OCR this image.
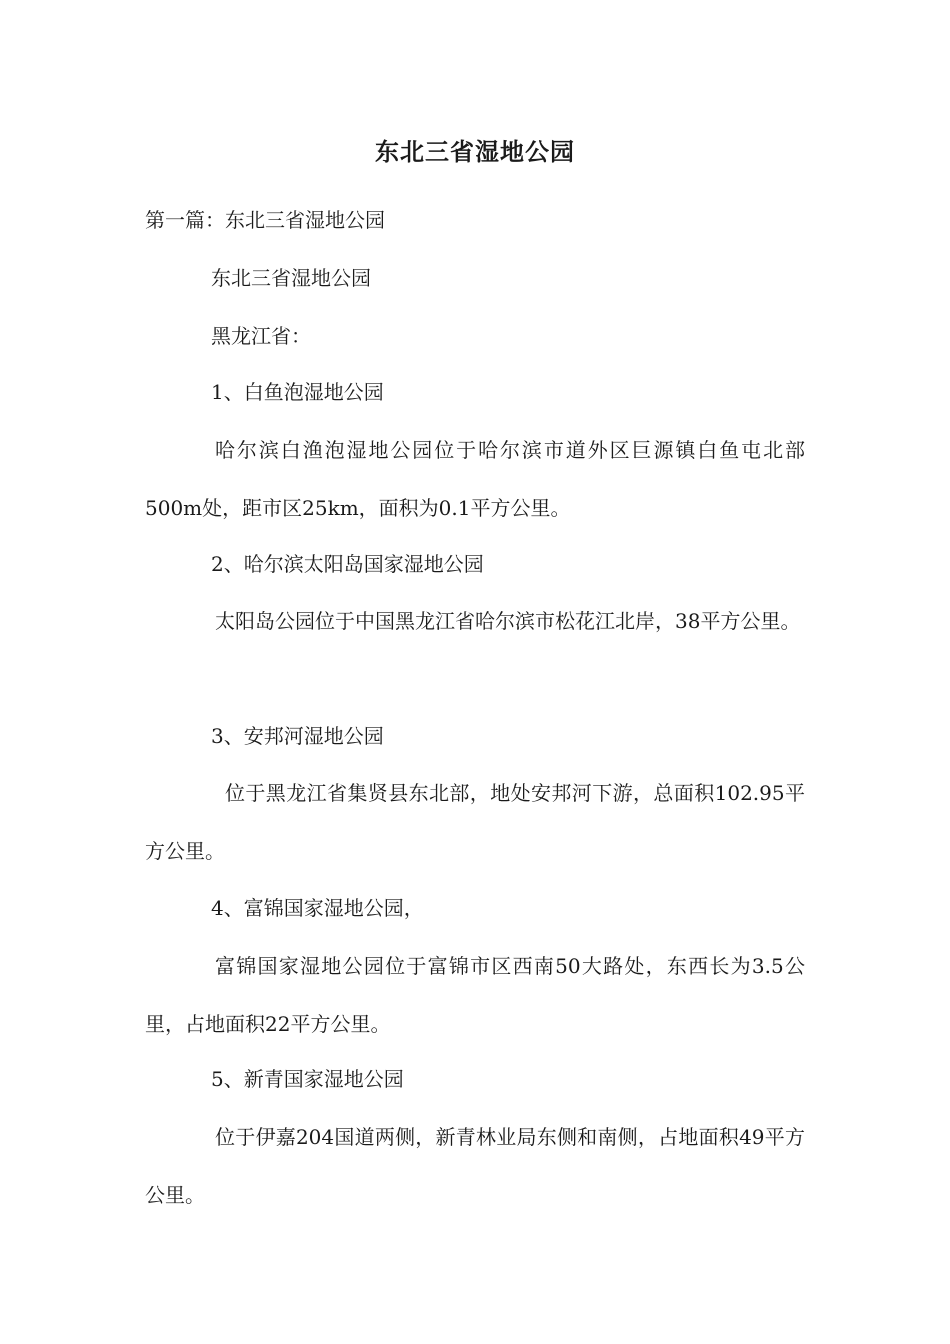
东北三省湿地公园

第一篇：东北三省湿地公园

东北三省湿地公园

黑龙江省：

1、白鱼泡湿地公园

哈尔滨白渔泡湿地公园位于哈尔滨市道外区巨源镇白鱼屯北部500m处，距市区25km，面积为0.1平方公里。

2、哈尔滨太阳岛国家湿地公园

太阳岛公园位于中国黑龙江省哈尔滨市松花江北岸，38平方公里。

3、安邦河湿地公园

位于黑龙江省集贤县东北部，地处安邦河下游，总面积102.95平方公里。

4、富锦国家湿地公园，

富锦国家湿地公园位于富锦市区西南50大路处，东西长为3.5公里，占地面积22平方公里。

5、新青国家湿地公园

位于伊嘉204国道两侧，新青林业局东侧和南侧，占地面积49平方公里。
